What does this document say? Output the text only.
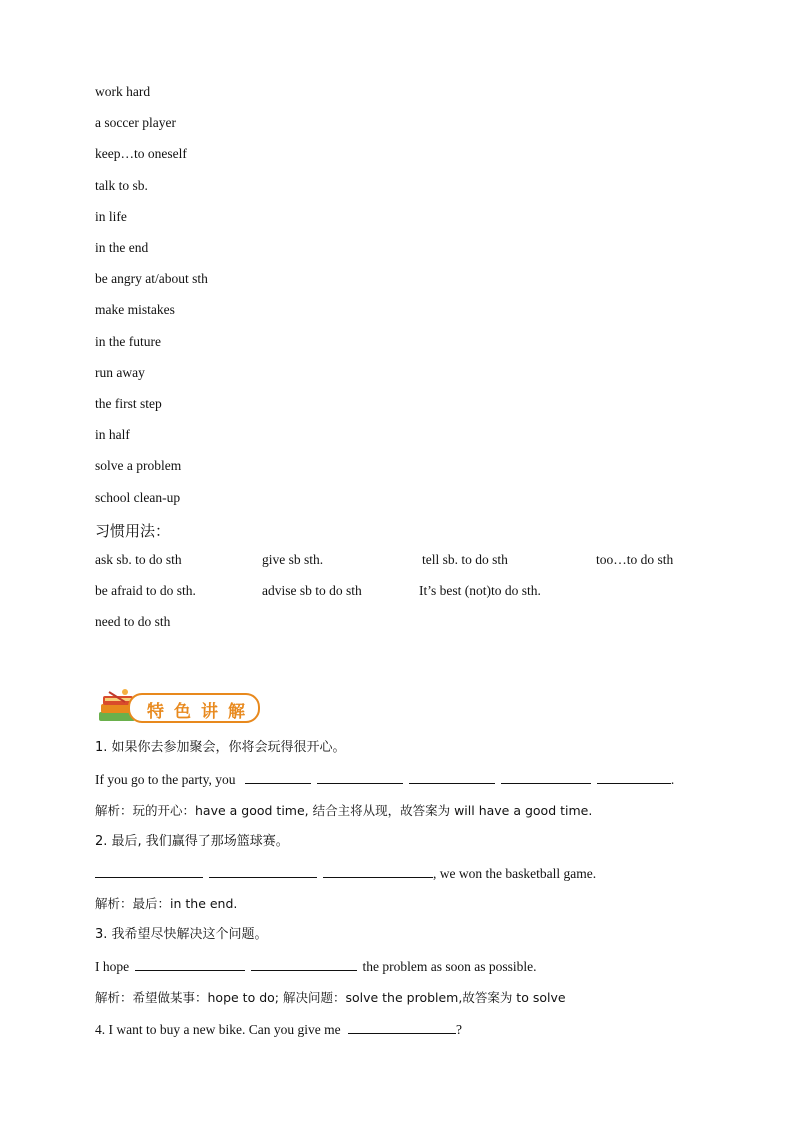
work hard
a soccer player
keep…to oneself
talk to sb.
in life
in the end
be angry at/about sth
make mistakes
in the future
run away
the first step
in half
solve a problem
school clean-up
习惯用法：
ask sb. to do sth	give sb sth.	tell sb. to do sth	too…to do sth
be afraid to do sth.	advise sb to do sth	It’s best (not)to do sth.
need to do sth
特色讲解
1. 如果你去参加聚会，你将会玩得很开心。
If you go to the party, you	.
解析：玩的开心：have a good time, 结合主将从现，故答案为 will have a good time.
2. 最后, 我们赢得了那场篮球赛。
, we won the basketball game.
解析：最后：in the end.
3. 我希望尽快解决这个问题。
I hope	the problem as soon as possible.
解析：希望做某事：hope to do; 解决问题：solve the problem,故答案为 to solve
4. I want to buy a new bike. Can you give me	?
